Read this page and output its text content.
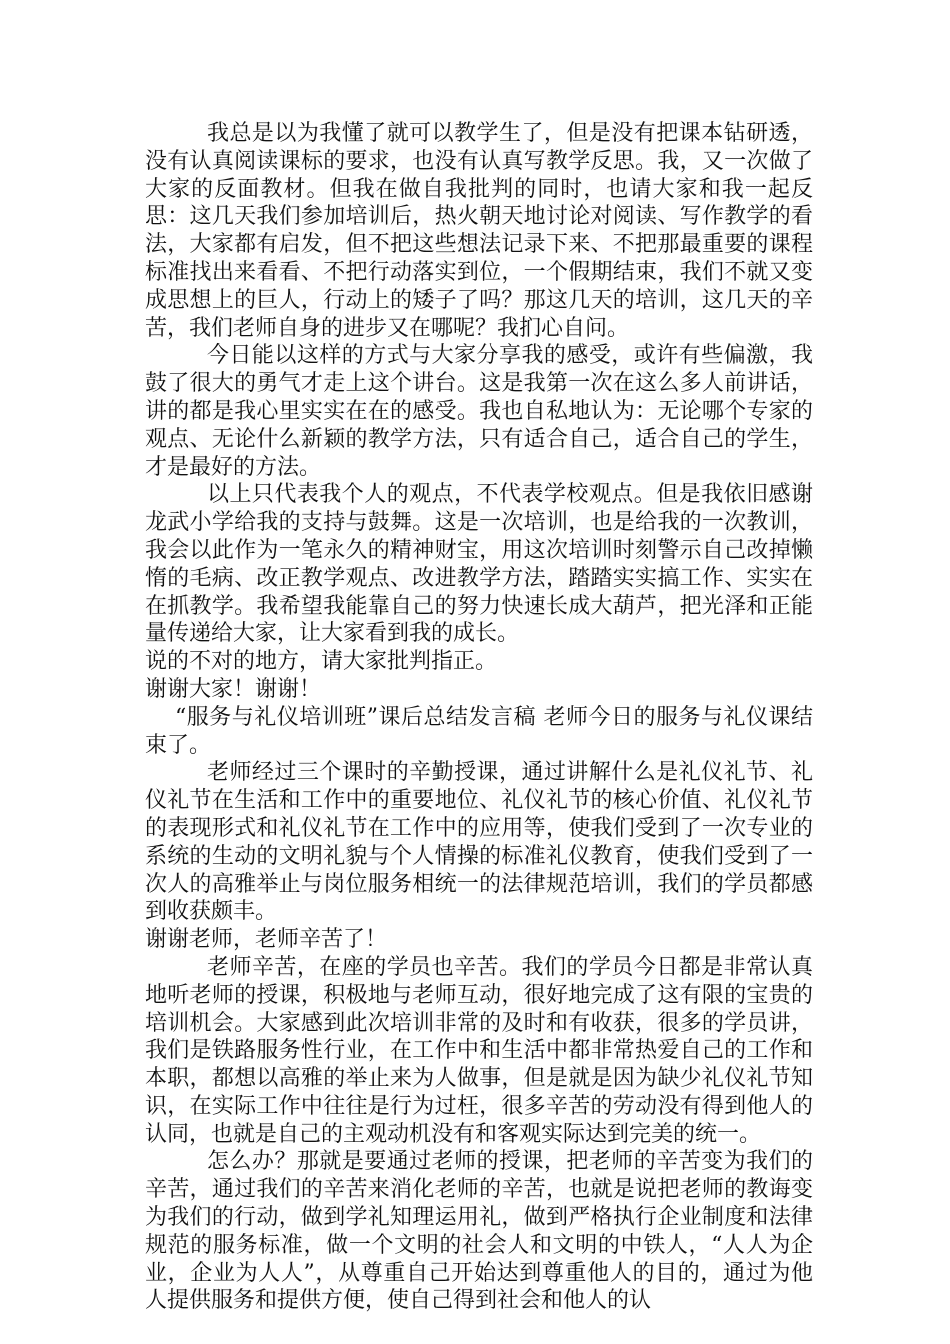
我总是以为我懂了就可以教学生了，但是没有把课本钻研透，没有认真阅读课标的要求，也没有认真写教学反思。我，又一次做了大家的反面教材。但我在做自我批判的同时，也请大家和我一起反思：这几天我们参加培训后，热火朝天地讨论对阅读、写作教学的看法，大家都有启发，但不把这些想法记录下来、不把那最重要的课程标准找出来看看、不把行动落实到位，一个假期结束，我们不就又变成思想上的巨人，行动上的矮子了吗？那这几天的培训，这几天的辛苦，我们老师自身的进步又在哪呢？我扪心自问。

今日能以这样的方式与大家分享我的感受，或许有些偏激，我鼓了很大的勇气才走上这个讲台。这是我第一次在这么多人前讲话，讲的都是我心里实实在在的感受。我也自私地认为：无论哪个专家的观点、无论什么新颖的教学方法，只有适合自己，适合自己的学生，才是最好的方法。

以上只代表我个人的观点，不代表学校观点。但是我依旧感谢龙武小学给我的支持与鼓舞。这是一次培训，也是给我的一次教训，我会以此作为一笔永久的精神财宝，用这次培训时刻警示自己改掉懒惰的毛病、改正教学观点、改进教学方法，踏踏实实搞工作、实实在在抓教学。我希望我能靠自己的努力快速长成大葫芦，把光泽和正能量传递给大家，让大家看到我的成长。

说的不对的地方，请大家批判指正。

谢谢大家！谢谢！

“服务与礼仪培训班”课后总结发言稿 老师今日的服务与礼仪课结束了。

老师经过三个课时的辛勤授课，通过讲解什么是礼仪礼节、礼仪礼节在生活和工作中的重要地位、礼仪礼节的核心价值、礼仪礼节的表现形式和礼仪礼节在工作中的应用等，使我们受到了一次专业的系统的生动的文明礼貌与个人情操的标准礼仪教育，使我们受到了一次人的高雅举止与岗位服务相统一的法律规范培训，我们的学员都感到收获颇丰。

谢谢老师，老师辛苦了！

老师辛苦，在座的学员也辛苦。我们的学员今日都是非常认真地听老师的授课，积极地与老师互动，很好地完成了这有限的宝贵的培训机会。大家感到此次培训非常的及时和有收获，很多的学员讲，我们是铁路服务性行业，在工作中和生活中都非常热爱自己的工作和本职，都想以高雅的举止来为人做事，但是就是因为缺少礼仪礼节知识，在实际工作中往往是行为过枉，很多辛苦的劳动没有得到他人的认同，也就是自己的主观动机没有和客观实际达到完美的统一。

怎么办？那就是要通过老师的授课，把老师的辛苦变为我们的辛苦，通过我们的辛苦来消化老师的辛苦，也就是说把老师的教诲变为我们的行动，做到学礼知理运用礼，做到严格执行企业制度和法律规范的服务标准，做一个文明的社会人和文明的中铁人，“人人为企业，企业为人人”，从尊重自己开始达到尊重他人的目的，通过为他人提供服务和提供方便，使自己得到社会和他人的认
